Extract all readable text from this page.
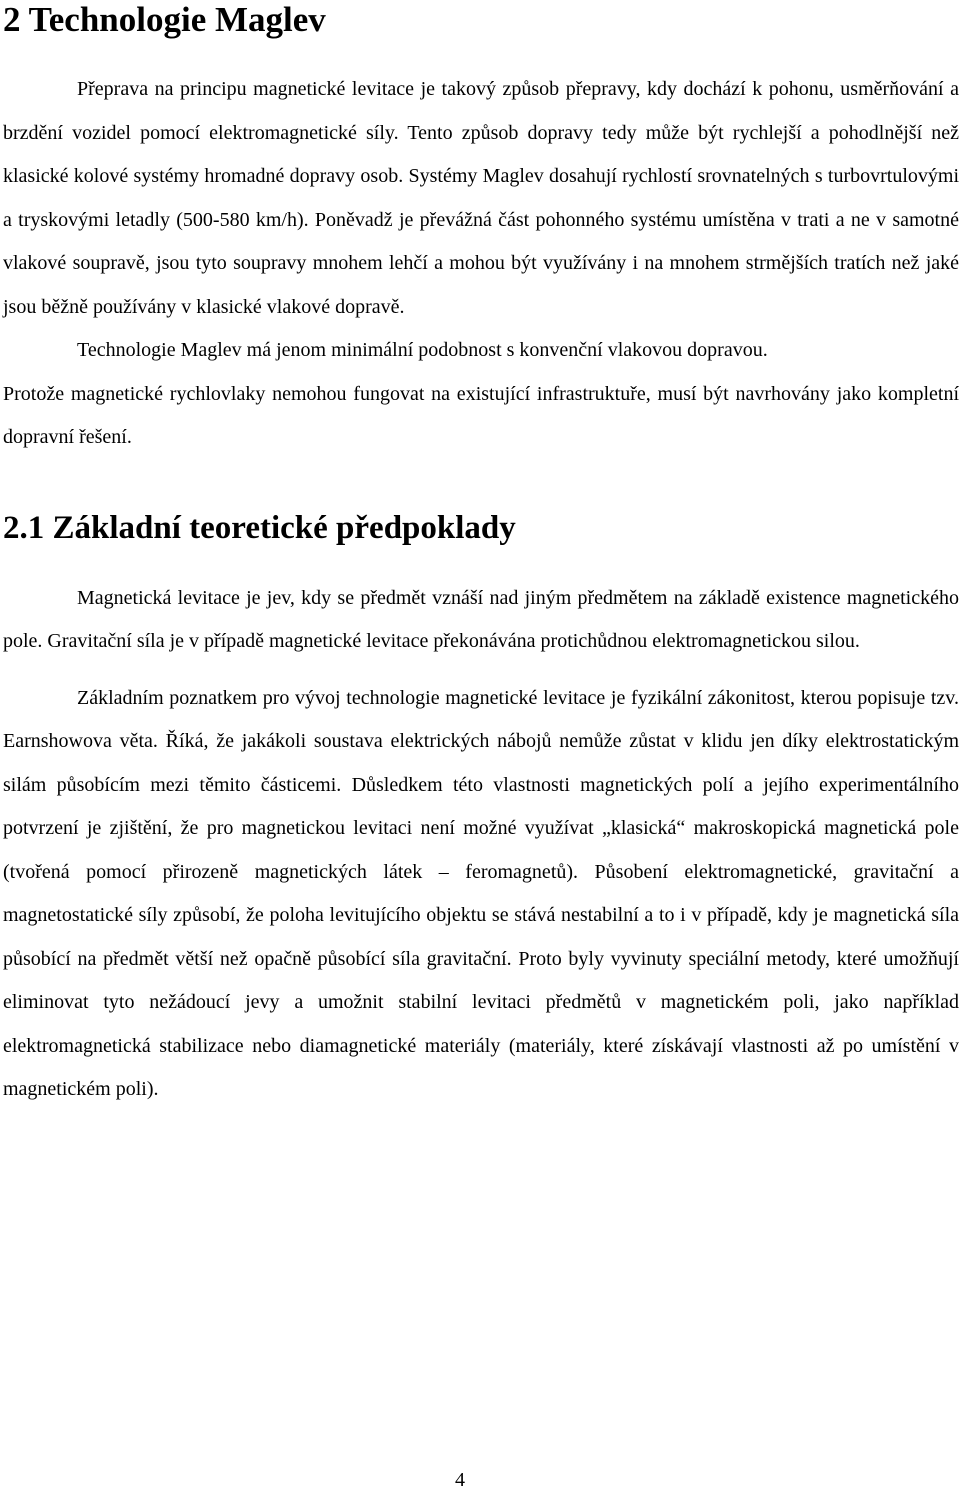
2 Technologie Maglev

Přeprava na principu magnetické levitace je takový způsob přepravy, kdy dochází k pohonu, usměrňování a brzdění vozidel pomocí elektromagnetické síly. Tento způsob dopravy tedy může být rychlejší a pohodlnější než klasické kolové systémy hromadné dopravy osob. Systémy Maglev dosahují rychlostí srovnatelných s turbovrtulovými a tryskovými letadly (500-580 km/h). Poněvadž je převážná část pohonného systému umístěna v trati a ne v samotné vlakové soupravě, jsou tyto soupravy mnohem lehčí a mohou být využívány i na mnohem strmějších tratích než jaké jsou běžně používány v klasické vlakové dopravě.

Technologie Maglev má jenom minimální podobnost s konvenční vlakovou dopravou.

Protože magnetické rychlovlaky nemohou fungovat na existující infrastruktuře, musí být navrhovány jako kompletní dopravní řešení.

2.1 Základní teoretické předpoklady

Magnetická levitace je jev, kdy se předmět vznáší nad jiným předmětem na základě existence magnetického pole. Gravitační síla je v případě magnetické levitace překonávána protichůdnou elektromagnetickou silou.

Základním poznatkem pro vývoj technologie magnetické levitace je fyzikální zákonitost, kterou popisuje tzv. Earnshowova věta. Říká, že jakákoli soustava elektrických nábojů nemůže zůstat v klidu jen díky elektrostatickým silám působícím mezi těmito částicemi. Důsledkem této vlastnosti magnetických polí a jejího experimentálního potvrzení je zjištění, že pro magnetickou levitaci není možné využívat „klasická“ makroskopická magnetická pole (tvořená pomocí přirozeně magnetických látek – feromagnetů). Působení elektromagnetické, gravitační a magnetostatické síly způsobí, že poloha levitujícího objektu se stává nestabilní a to i v případě, kdy je magnetická síla působící na předmět větší než opačně působící síla gravitační. Proto byly vyvinuty speciální metody, které umožňují eliminovat tyto nežádoucí jevy a umožnit stabilní levitaci předmětů v magnetickém poli, jako například elektromagnetická stabilizace nebo diamagnetické materiály (materiály, které získávají vlastnosti až po umístění v magnetickém poli).

4
